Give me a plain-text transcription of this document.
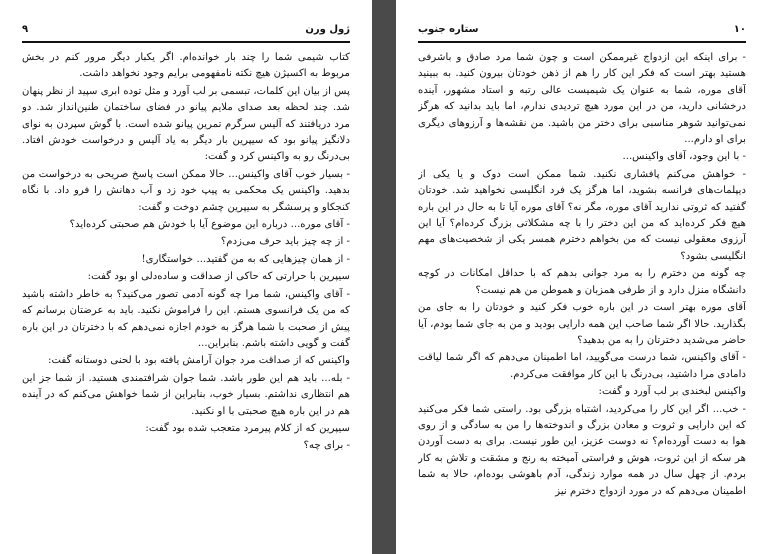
۹	ژول ورن

کتاب شیمی شما را چند بار خوانده‌ام. اگر یکبار دیگر مرور کنم در بخش مربوط به اکسیژن هیچ نکته نامفهومی برایم وجود نخواهد داشت.

پس از بیان این کلمات، تبسمی بر لب آورد و مثل توده ابری سپید از نظر پنهان شد. چند لحظه بعد صدای ملایم پیانو در فضای ساختمان طنین‌انداز شد. دو مرد دریافتند که آلیس سرگرم تمرین پیانو شده است. با گوش سپردن به نوای دلانگیز پیانو بود که سیپرین بار دیگر به یاد آلیس و درخواست خودش افتاد. بی‌درنگ رو به واکینس کرد و گفت:

- بسیار خوب آقای واکینس... حالا ممکن است پاسخ صریحی به درخواست من بدهید. واکینس یک محکمی به پیپ خود زد و آب دهانش را فرو داد. با نگاه کنجکاو و پرسشگر به سیپرین چشم دوخت و گفت:

- آقای موره... درباره این موضوع آیا با خودش هم صحبتی کرده‌اید؟

- از چه چیز باید حرف می‌زدم؟

- از همان چیزهایی که به من گفتید... خواستگاری!

سیپرین با حرارتی که حاکی از صداقت و ساده‌دلی او بود گفت:

- آقای واکینس، شما مرا چه گونه آدمی تصور می‌کنید؟ به خاطر داشته باشید که من یک فرانسوی هستم. این را فراموش نکنید. باید به عرضتان برسانم که پیش از صحبت با شما هرگز به خودم اجازه نمی‌دهم که با دخترتان در این باره گفت و گویی داشته باشم. بنابراین...

واکینس که از صداقت مرد جوان آرامش یافته بود با لحنی دوستانه گفت:

- بله... باید هم این طور باشد. شما جوان شرافتمندی هستید. از شما جز این هم انتظاری نداشتم. بسیار خوب، بنابراین از شما خواهش می‌کنم که در آینده هم در این باره هیچ صحبتی با او نکنید.

سیپرین که از کلام پیرمرد متعجب شده بود گفت:

- برای چه؟

ستاره جنوب	۱۰

- برای اینکه این ازدواج غیرممکن است و چون شما مرد صادق و باشرفی هستید بهتر است که فکر این کار را هم از ذهن خودتان بیرون کنید. به ببینید آقای موره، شما به عنوان یک شیمیست عالی رتبه و استاد مشهور، آینده درخشانی دارید، من در این مورد هیچ تردیدی ندارم، اما باید بدانید که هرگز نمی‌توانید شوهر مناسبی برای دختر من باشید. من نقشه‌ها و آرزوهای دیگری برای او دارم...

- با این وجود، آقای واکینس...

- خواهش می‌کنم پافشاری نکنید. شما ممکن است دوک و یا یکی از دیپلمات‌های فرانسه بشوید، اما هرگز یک فرد انگلیسی نخواهید شد. خودتان گفتید که ثروتی ندارید آقای موره، مگر نه؟ آقای موره آیا تا به حال در این باره هیچ فکر کرده‌اید که من این دختر را با چه مشکلاتی بزرگ کرده‌ام؟ آیا این آرزوی معقولی نیست که من بخواهم دخترم همسر یکی از شخصیت‌های مهم انگلیسی بشود؟

چه گونه من دخترم را به مرد جوانی بدهم که با حداقل امکانات در کوچه دانشگاه منزل دارد و از طرفی همزبان و هموطن من هم نیست؟

آقای موره بهتر است در این باره خوب فکر کنید و خودتان را به جای من بگذارید. حالا اگر شما صاحب این همه دارایی بودید و من به جای شما بودم، آیا حاضر می‌شدید دخترتان را به من بدهید؟

- آقای واکینس، شما درست می‌گویید، اما اطمینان می‌دهم که اگر شما لیاقت دامادی مرا داشتید، بی‌درنگ با این کار موافقت می‌کردم.

واکینس لبخندی بر لب آورد و گفت:

- خب... اگر این کار را می‌کردید، اشتباه بزرگی بود. راستی شما فکر می‌کنید که این دارایی و ثروت و معادن بزرگ و اندوخته‌ها را من به سادگی و از روی هوا به دست آورده‌ام؟ نه دوست عزیز، این طور نیست. برای به دست آوردن هر سکه از این ثروت، هوش و فراستی آمیخته به رنج و مشقت و تلاش به کار بردم. از چهل سال در همه موارد زندگی، آدم باهوشی بوده‌ام، حالا به شما اطمینان می‌دهم که در مورد ازدواج دخترم نیز
